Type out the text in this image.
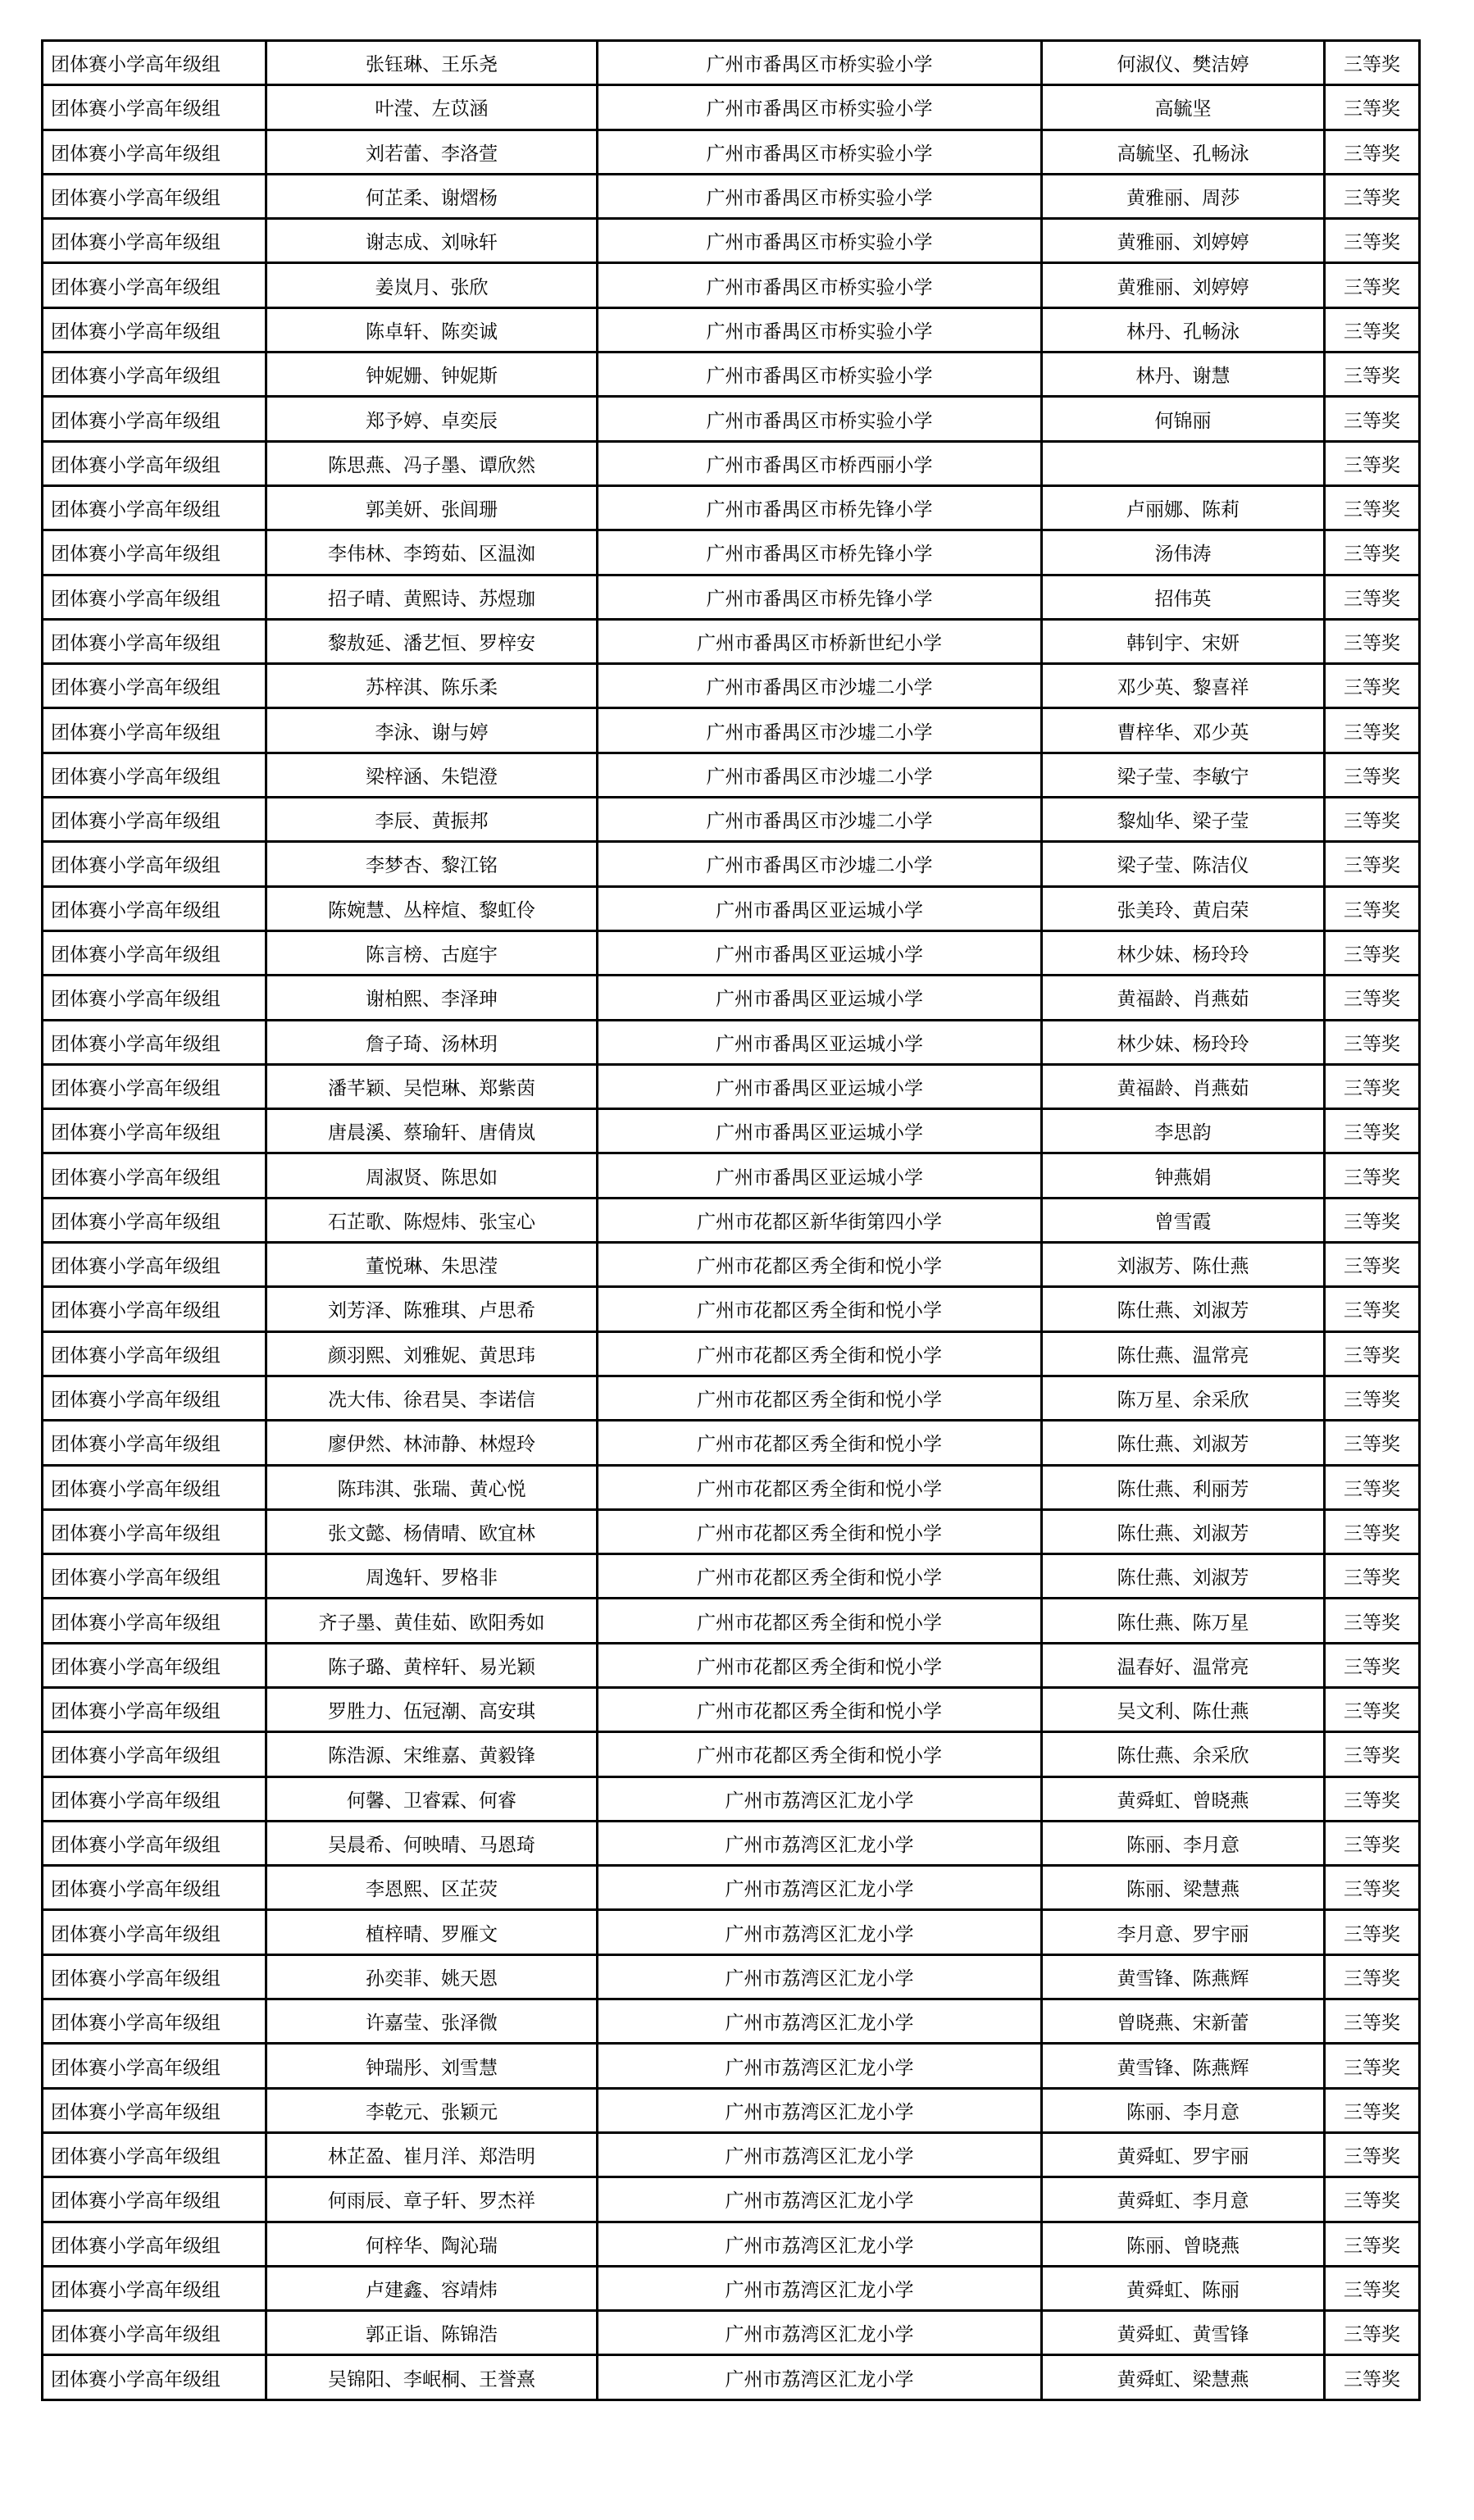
团体赛小学高年级组	张钰琳、王乐尧	广州市番禺区市桥实验小学	何淑仪、樊洁婷	三等奖
团体赛小学高年级组	叶滢、左苡涵	广州市番禺区市桥实验小学	高毓坚	三等奖
团体赛小学高年级组	刘若蕾、李洛萱	广州市番禺区市桥实验小学	高毓坚、孔畅泳	三等奖
团体赛小学高年级组	何芷柔、谢熠杨	广州市番禺区市桥实验小学	黄雅丽、周莎	三等奖
团体赛小学高年级组	谢志成、刘咏轩	广州市番禺区市桥实验小学	黄雅丽、刘婷婷	三等奖
团体赛小学高年级组	姜岚月、张欣	广州市番禺区市桥实验小学	黄雅丽、刘婷婷	三等奖
团体赛小学高年级组	陈卓轩、陈奕诚	广州市番禺区市桥实验小学	林丹、孔畅泳	三等奖
团体赛小学高年级组	钟妮姗、钟妮斯	广州市番禺区市桥实验小学	林丹、谢慧	三等奖
团体赛小学高年级组	郑予婷、卓奕辰	广州市番禺区市桥实验小学	何锦丽	三等奖
团体赛小学高年级组	陈思燕、冯子墨、谭欣然	广州市番禺区市桥西丽小学		三等奖
团体赛小学高年级组	郭美妍、张闾珊	广州市番禺区市桥先锋小学	卢丽娜、陈莉	三等奖
团体赛小学高年级组	李伟林、李筠茹、区温洳	广州市番禺区市桥先锋小学	汤伟涛	三等奖
团体赛小学高年级组	招子晴、黄熙诗、苏煜珈	广州市番禺区市桥先锋小学	招伟英	三等奖
团体赛小学高年级组	黎敖延、潘艺恒、罗梓安	广州市番禺区市桥新世纪小学	韩钊宇、宋妍	三等奖
团体赛小学高年级组	苏梓淇、陈乐柔	广州市番禺区市沙墟二小学	邓少英、黎喜祥	三等奖
团体赛小学高年级组	李泳、谢与婷	广州市番禺区市沙墟二小学	曹梓华、邓少英	三等奖
团体赛小学高年级组	梁梓涵、朱铠澄	广州市番禺区市沙墟二小学	梁子莹、李敏宁	三等奖
团体赛小学高年级组	李辰、黄振邦	广州市番禺区市沙墟二小学	黎灿华、梁子莹	三等奖
团体赛小学高年级组	李梦杏、黎江铭	广州市番禺区市沙墟二小学	梁子莹、陈洁仪	三等奖
团体赛小学高年级组	陈婉慧、丛梓煊、黎虹伶	广州市番禺区亚运城小学	张美玲、黄启荣	三等奖
团体赛小学高年级组	陈言榜、古庭宇	广州市番禺区亚运城小学	林少妹、杨玲玲	三等奖
团体赛小学高年级组	谢柏熙、李泽珅	广州市番禺区亚运城小学	黄福龄、肖燕茹	三等奖
团体赛小学高年级组	詹子琦、汤林玥	广州市番禺区亚运城小学	林少妹、杨玲玲	三等奖
团体赛小学高年级组	潘芊颖、吴恺琳、郑紫茵	广州市番禺区亚运城小学	黄福龄、肖燕茹	三等奖
团体赛小学高年级组	唐晨溪、蔡瑜轩、唐倩岚	广州市番禺区亚运城小学	李思韵	三等奖
团体赛小学高年级组	周淑贤、陈思如	广州市番禺区亚运城小学	钟燕娟	三等奖
团体赛小学高年级组	石芷歌、陈煜炜、张宝心	广州市花都区新华街第四小学	曾雪霞	三等奖
团体赛小学高年级组	董悦琳、朱思滢	广州市花都区秀全街和悦小学	刘淑芳、陈仕燕	三等奖
团体赛小学高年级组	刘芳泽、陈雅琪、卢思希	广州市花都区秀全街和悦小学	陈仕燕、刘淑芳	三等奖
团体赛小学高年级组	颜羽熙、刘雅妮、黄思玮	广州市花都区秀全街和悦小学	陈仕燕、温常亮	三等奖
团体赛小学高年级组	冼大伟、徐君昊、李诺信	广州市花都区秀全街和悦小学	陈万星、余采欣	三等奖
团体赛小学高年级组	廖伊然、林沛静、林煜玲	广州市花都区秀全街和悦小学	陈仕燕、刘淑芳	三等奖
团体赛小学高年级组	陈玮淇、张瑞、黄心悦	广州市花都区秀全街和悦小学	陈仕燕、利丽芳	三等奖
团体赛小学高年级组	张文懿、杨倩晴、欧宜林	广州市花都区秀全街和悦小学	陈仕燕、刘淑芳	三等奖
团体赛小学高年级组	周逸轩、罗格非	广州市花都区秀全街和悦小学	陈仕燕、刘淑芳	三等奖
团体赛小学高年级组	齐子墨、黄佳茹、欧阳秀如	广州市花都区秀全街和悦小学	陈仕燕、陈万星	三等奖
团体赛小学高年级组	陈子璐、黄梓轩、易光颖	广州市花都区秀全街和悦小学	温春好、温常亮	三等奖
团体赛小学高年级组	罗胜力、伍冠潮、高安琪	广州市花都区秀全街和悦小学	吴文利、陈仕燕	三等奖
团体赛小学高年级组	陈浩源、宋维嘉、黄毅锋	广州市花都区秀全街和悦小学	陈仕燕、余采欣	三等奖
团体赛小学高年级组	何馨、卫睿霖、何睿	广州市荔湾区汇龙小学	黄舜虹、曾晓燕	三等奖
团体赛小学高年级组	吴晨希、何映晴、马恩琦	广州市荔湾区汇龙小学	陈丽、李月意	三等奖
团体赛小学高年级组	李恩熙、区芷荧	广州市荔湾区汇龙小学	陈丽、梁慧燕	三等奖
团体赛小学高年级组	植梓晴、罗雁文	广州市荔湾区汇龙小学	李月意、罗宇丽	三等奖
团体赛小学高年级组	孙奕菲、姚天恩	广州市荔湾区汇龙小学	黄雪锋、陈燕辉	三等奖
团体赛小学高年级组	许嘉莹、张泽微	广州市荔湾区汇龙小学	曾晓燕、宋新蕾	三等奖
团体赛小学高年级组	钟瑞彤、刘雪慧	广州市荔湾区汇龙小学	黄雪锋、陈燕辉	三等奖
团体赛小学高年级组	李乾元、张颖元	广州市荔湾区汇龙小学	陈丽、李月意	三等奖
团体赛小学高年级组	林芷盈、崔月洋、郑浩明	广州市荔湾区汇龙小学	黄舜虹、罗宇丽	三等奖
团体赛小学高年级组	何雨辰、章子轩、罗杰祥	广州市荔湾区汇龙小学	黄舜虹、李月意	三等奖
团体赛小学高年级组	何梓华、陶沁瑞	广州市荔湾区汇龙小学	陈丽、曾晓燕	三等奖
团体赛小学高年级组	卢建鑫、容靖炜	广州市荔湾区汇龙小学	黄舜虹、陈丽	三等奖
团体赛小学高年级组	郭正诣、陈锦浩	广州市荔湾区汇龙小学	黄舜虹、黄雪锋	三等奖
团体赛小学高年级组	吴锦阳、李岷桐、王誉熹	广州市荔湾区汇龙小学	黄舜虹、梁慧燕	三等奖
